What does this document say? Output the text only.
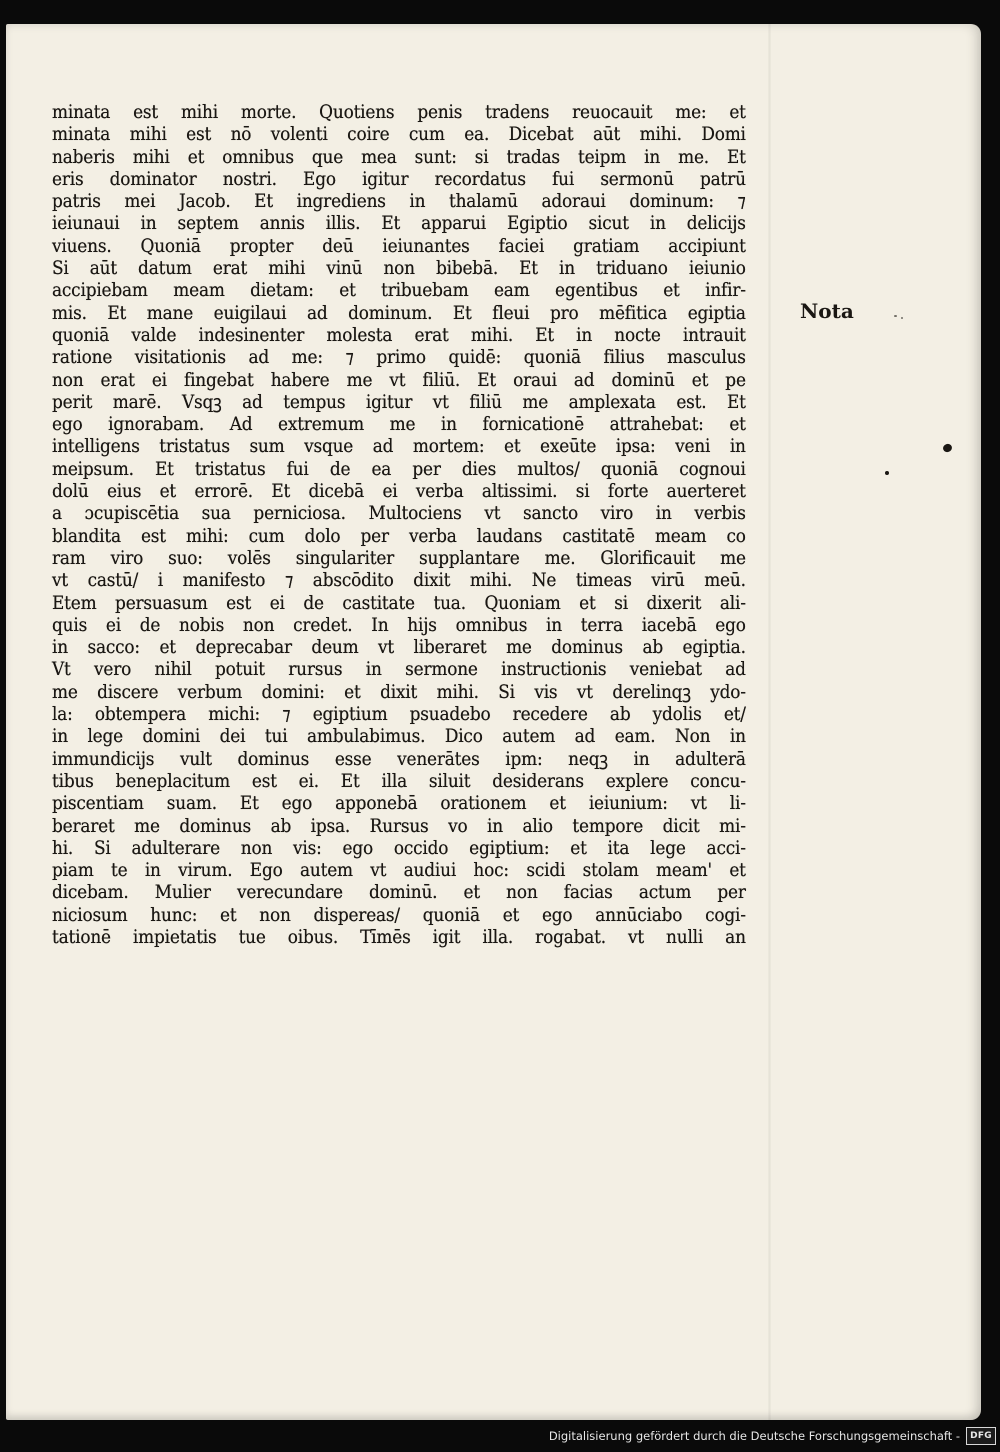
minata est mihi morte. Quotiens penis tradens reuocauit me: et
minata mihi est nō volenti coire cum ea. Dicebat aūt mihi. Domi
naberis mihi et omnibus que mea sunt: si tradas teipm in me. Et
eris dominator nostri. Ego igitur recordatus fui sermonū patrū
patris mei Jacob. Et ingrediens in thalamū adoraui dominum: ⁊
ieiunaui in septem annis illis. Et apparui Egiptio sicut in delicijs
viuens. Quoniā propter deū ieiunantes faciei gratiam accipiunt
Si aūt datum erat mihi vinū non bibebā. Et in triduano ieiunio
accipiebam meam dietam: et tribuebam eam egentibus et infir-
mis. Et mane euigilaui ad dominum. Et fleui pro mēfitica egiptia
quoniā valde indesinenter molesta erat mihi. Et in nocte intrauit
ratione visitationis ad me: ⁊ primo quidē: quoniā filius masculus
non erat ei fingebat habere me vt filiū. Et oraui ad dominū et pe
perit marē. Vsqꝫ ad tempus igitur vt filiū me amplexata est. Et
ego ignorabam. Ad extremum me in fornicationē attrahebat: et
intelligens tristatus sum vsque ad mortem: et exeūte ipsa: veni in
meipsum. Et tristatus fui de ea per dies multos/ quoniā cognoui
dolū eius et errorē. Et dicebā ei verba altissimi. si forte auerteret
a ɔcupiscētia sua perniciosa. Multociens vt sancto viro in verbis
blandita est mihi: cum dolo per verba laudans castitatē meam co
ram viro suo: volēs singulariter supplantare me. Glorificauit me
vt castū/ i manifesto ⁊ abscōdito dixit mihi. Ne timeas virū meū.
Etem persuasum est ei de castitate tua. Quoniam et si dixerit ali-
quis ei de nobis non credet. In hijs omnibus in terra iacebā ego
in sacco: et deprecabar deum vt liberaret me dominus ab egiptia.
Vt vero nihil potuit rursus in sermone instructionis veniebat ad
me discere verbum domini: et dixit mihi. Si vis vt derelinqꝫ ydo-
la: obtempera michi: ⁊ egiptium psuadebo recedere ab ydolis et/
in lege domini dei tui ambulabimus. Dico autem ad eam. Non in
immundicijs vult dominus esse venerātes ipm: neqꝫ in adulterā
tibus beneplacitum est ei. Et illa siluit desiderans explere concu-
piscentiam suam. Et ego apponebā orationem et ieiunium: vt li-
beraret me dominus ab ipsa. Rursus vo in alio tempore dicit mi-
hi. Si adulterare non vis: ego occido egiptium: et ita lege acci-
piam te in virum. Ego autem vt audiui hoc: scidi stolam meam' et
dicebam. Mulier verecundare dominū. et non facias actum per
niciosum hunc: et non dispereas/ quoniā et ego annūciabo cogi-
tationē impietatis tue oibus. Tīmēs igit illa. rogabat. vt nulli an
Nota
Digitalisierung gefördert durch die Deutsche Forschungsgemeinschaft -	DFG
